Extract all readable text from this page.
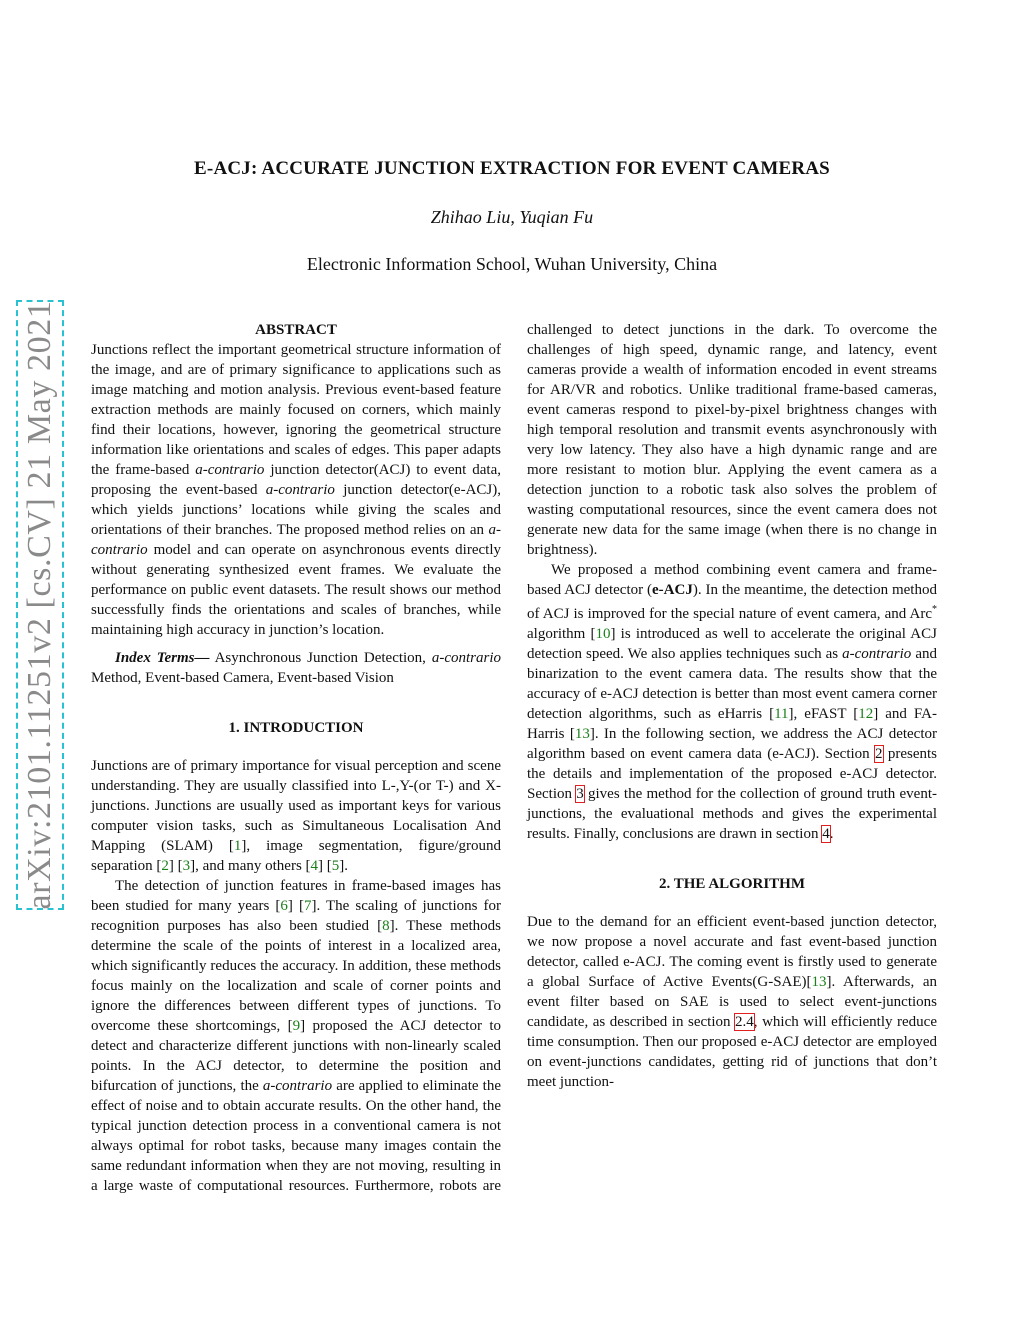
arXiv:2101.11251v2 [cs.CV] 21 May 2021
E-ACJ: ACCURATE JUNCTION EXTRACTION FOR EVENT CAMERAS
Zhihao Liu, Yuqian Fu
Electronic Information School, Wuhan University, China

ABSTRACT

Junctions reflect the important geometrical structure information of the image, and are of primary significance to applications such as image matching and motion analysis. Previous event-based feature extraction methods are mainly focused on corners, which mainly find their locations, however, ignoring the geometrical structure information like orientations and scales of edges. This paper adapts the frame-based a-contrario junction detector(ACJ) to event data, proposing the event-based a-contrario junction detector(e-ACJ), which yields junctions’ locations while giving the scales and orientations of their branches. The proposed method relies on an a-contrario model and can operate on asynchronous events directly without generating synthesized event frames. We evaluate the performance on public event datasets. The result shows our method successfully finds the orientations and scales of branches, while maintaining high accuracy in junction’s location.

Index Terms— Asynchronous Junction Detection, a-contrario Method, Event-based Camera, Event-based Vision

1. INTRODUCTION

Junctions are of primary importance for visual perception and scene understanding. They are usually classified into L-,Y-(or T-) and X-junctions. Junctions are usually used as important keys for various computer vision tasks, such as Simultaneous Localisation And Mapping (SLAM) [1], image segmentation, figure/ground separation [2] [3], and many others [4] [5].

The detection of junction features in frame-based images has been studied for many years [6] [7]. The scaling of junctions for recognition purposes has also been studied [8]. These methods determine the scale of the points of interest in a localized area, which significantly reduces the accuracy. In addition, these methods focus mainly on the localization and scale of corner points and ignore the differences between different types of junctions. To overcome these shortcomings, [9] proposed the ACJ detector to detect and characterize different junctions with non-linearly scaled points. In the ACJ detector, to determine the position and bifurcation of junctions, the a-contrario are applied to eliminate the effect of noise and to obtain accurate results. On the other hand, the typical junction detection process in a conventional camera is not always optimal for robot tasks, because many images contain the same redundant information when they are not moving, resulting in a large waste of computational resources. Furthermore, robots are

challenged to detect junctions in the dark. To overcome the challenges of high speed, dynamic range, and latency, event cameras provide a wealth of information encoded in event streams for AR/VR and robotics. Unlike traditional frame-based cameras, event cameras respond to pixel-by-pixel brightness changes with high temporal resolution and transmit events asynchronously with very low latency. They also have a high dynamic range and are more resistant to motion blur. Applying the event camera as a detection junction to a robotic task also solves the problem of wasting computational resources, since the event camera does not generate new data for the same image (when there is no change in brightness).

We proposed a method combining event camera and frame-based ACJ detector (e-ACJ). In the meantime, the detection method of ACJ is improved for the special nature of event camera, and Arc* algorithm [10] is introduced as well to accelerate the original ACJ detection speed. We also applies techniques such as a-contrario and binarization to the event camera data. The results show that the accuracy of e-ACJ detection is better than most event camera corner detection algorithms, such as eHarris [11], eFAST [12] and FA-Harris [13]. In the following section, we address the ACJ detector algorithm based on event camera data (e-ACJ). Section 2 presents the details and implementation of the proposed e-ACJ detector. Section 3 gives the method for the collection of ground truth event-junctions, the evaluational methods and gives the experimental results. Finally, conclusions are drawn in section 4.

2. THE ALGORITHM

Due to the demand for an efficient event-based junction detector, we now propose a novel accurate and fast event-based junction detector, called e-ACJ. The coming event is firstly used to generate a global Surface of Active Events(G-SAE)[13]. Afterwards, an event filter based on SAE is used to select event-junctions candidate, as described in section 2.4, which will efficiently reduce time consumption. Then our proposed e-ACJ detector are employed on event-junctions candidates, getting rid of junctions that don’t meet junction-
